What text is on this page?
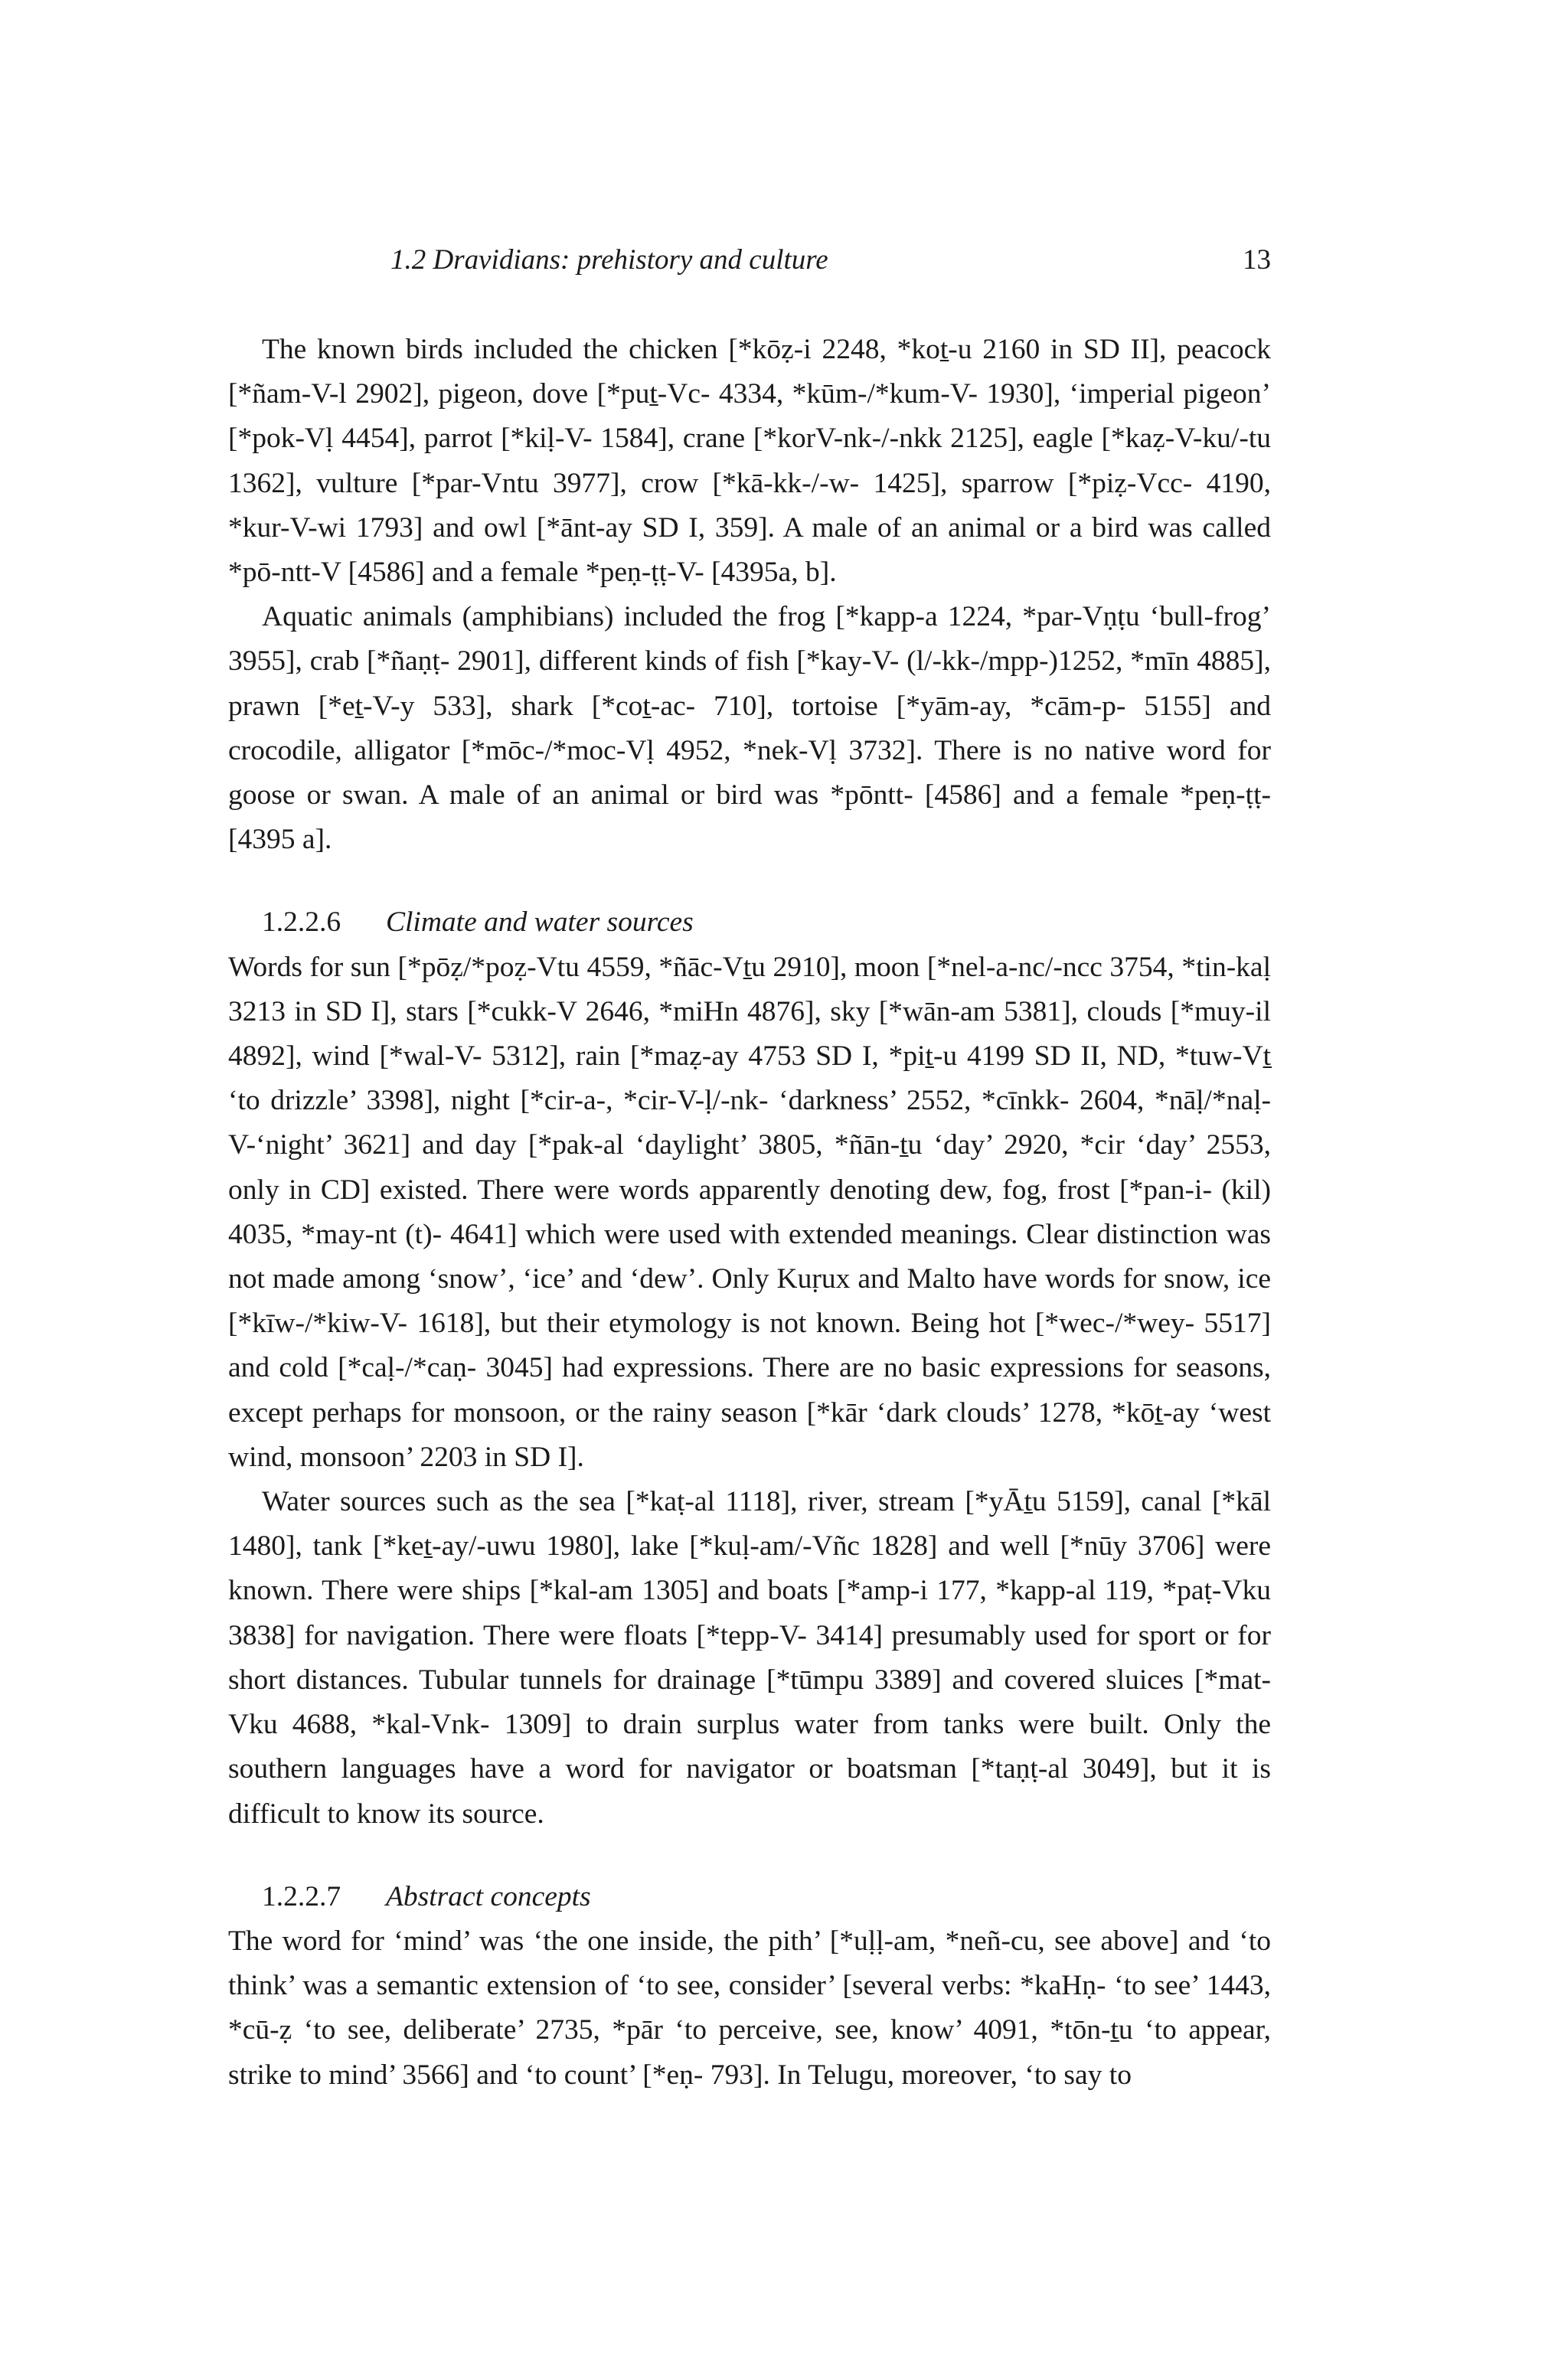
1.2 Dravidians: prehistory and culture	13

The known birds included the chicken [*kōẓ-i 2248, *koṯ-u 2160 in SD II], peacock [*ñam-V-l 2902], pigeon, dove [*puṯ-Vc- 4334, *kūm-/*kum-V- 1930], ‘imperial pigeon’ [*pok-Vḷ 4454], parrot [*kiḷ-V- 1584], crane [*korV-nk-/-nkk 2125], eagle [*kaẓ-V-ku/-tu 1362], vulture [*par-Vntu 3977], crow [*kā-kk-/-w- 1425], sparrow [*piẓ-Vcc- 4190, *kur-V-wi 1793] and owl [*ānt-ay SD I, 359]. A male of an animal or a bird was called *pō-ntt-V [4586] and a female *peṇ-ṭṭ-V- [4395a, b].

Aquatic animals (amphibians) included the frog [*kapp-a 1224, *par-Vṇṭu ‘bull-frog’ 3955], crab [*ñaṇṭ- 2901], different kinds of fish [*kay-V- (l/-kk-/mpp-)1252, *mīn 4885], prawn [*eṯ-V-y 533], shark [*coṯ-ac- 710], tortoise [*yām-ay, *cām-p- 5155] and crocodile, alligator [*mōc-/*moc-Vḷ 4952, *nek-Vḷ 3732]. There is no native word for goose or swan. A male of an animal or bird was *pōntt- [4586] and a female *peṇ-ṭṭ- [4395 a].

1.2.2.6 Climate and water sources

Words for sun [*pōẓ/*poẓ-Vtu 4559, *ñāc-Vṯu 2910], moon [*nel-a-nc/-ncc 3754, *tin-kaḷ 3213 in SD I], stars [*cukk-V 2646, *miHn 4876], sky [*wān-am 5381], clouds [*muy-il 4892], wind [*wal-V- 5312], rain [*maẓ-ay 4753 SD I, *piṯ-u 4199 SD II, ND, *tuw-Vṯ ‘to drizzle’ 3398], night [*cir-a-, *cir-V-ḷ/-nk- ‘darkness’ 2552, *cīnkk- 2604, *nāḷ/*naḷ-V-‘night’ 3621] and day [*pak-al ‘daylight’ 3805, *ñān-ṯu ‘day’ 2920, *cir ‘day’ 2553, only in CD] existed. There were words apparently denoting dew, fog, frost [*pan-i- (kil) 4035, *may-nt (t)- 4641] which were used with extended meanings. Clear distinction was not made among ‘snow’, ‘ice’ and ‘dew’. Only Kuṛux and Malto have words for snow, ice [*kīw-/*kiw-V- 1618], but their etymology is not known. Being hot [*wec-/*wey- 5517] and cold [*caḷ-/*caṇ- 3045] had expressions. There are no basic expressions for seasons, except perhaps for monsoon, or the rainy season [*kār ‘dark clouds’ 1278, *kōṯ-ay ‘west wind, monsoon’ 2203 in SD I].

Water sources such as the sea [*kaṭ-al 1118], river, stream [*yĀṯu 5159], canal [*kāl 1480], tank [*keṯ-ay/-uwu 1980], lake [*kuḷ-am/-Vñc 1828] and well [*nūy 3706] were known. There were ships [*kal-am 1305] and boats [*amp-i 177, *kapp-al 119, *paṭ-Vku 3838] for navigation. There were floats [*tepp-V- 3414] presumably used for sport or for short distances. Tubular tunnels for drainage [*tūmpu 3389] and covered sluices [*mat-Vku 4688, *kal-Vnk- 1309] to drain surplus water from tanks were built. Only the southern languages have a word for navigator or boatsman [*taṇṭ-al 3049], but it is difficult to know its source.

1.2.2.7 Abstract concepts

The word for ‘mind’ was ‘the one inside, the pith’ [*uḷḷ-am, *neñ-cu, see above] and ‘to think’ was a semantic extension of ‘to see, consider’ [several verbs: *kaHṇ- ‘to see’ 1443, *cū-ẓ ‘to see, deliberate’ 2735, *pār ‘to perceive, see, know’ 4091, *tōn-ṯu ‘to appear, strike to mind’ 3566] and ‘to count’ [*eṇ- 793]. In Telugu, moreover, ‘to say to
